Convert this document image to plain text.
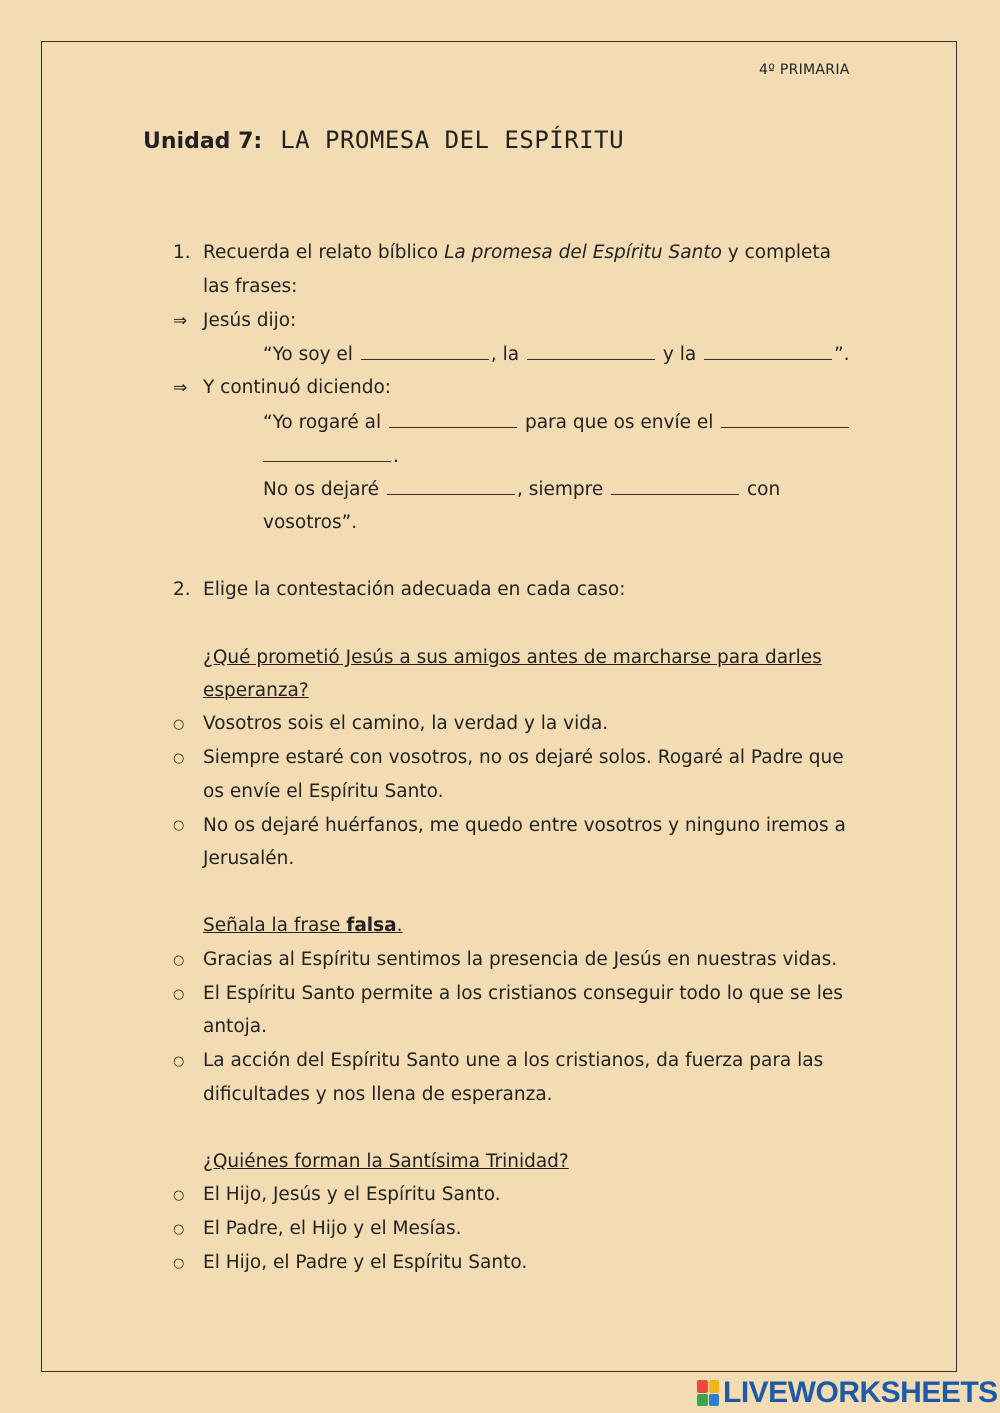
4º PRIMARIA
Unidad 7: LA PROMESA DEL ESPÍRITU
1. Recuerda el relato bíblico La promesa del Espíritu Santo y completa
las frases:
⇒ Jesús dijo:
“Yo soy el	, la	y la	”.
⇒ Y continuó diciendo:
“Yo rogaré al	para que os envíe el
.
No os dejaré	, siempre	con
vosotros”.
2. Elige la contestación adecuada en cada caso:
¿Qué prometió Jesús a sus amigos antes de marcharse para darles
esperanza?
○ Vosotros sois el camino, la verdad y la vida.
○ Siempre estaré con vosotros, no os dejaré solos. Rogaré al Padre que
os envíe el Espíritu Santo.
○ No os dejaré huérfanos, me quedo entre vosotros y ninguno iremos a
Jerusalén.
Señala la frase falsa.
○ Gracias al Espíritu sentimos la presencia de Jesús en nuestras vidas.
○ El Espíritu Santo permite a los cristianos conseguir todo lo que se les
antoja.
○ La acción del Espíritu Santo une a los cristianos, da fuerza para las
dificultades y nos llena de esperanza.
¿Quiénes forman la Santísima Trinidad?
○ El Hijo, Jesús y el Espíritu Santo.
○ El Padre, el Hijo y el Mesías.
○ El Hijo, el Padre y el Espíritu Santo.
LIVEWORKSHEETS
